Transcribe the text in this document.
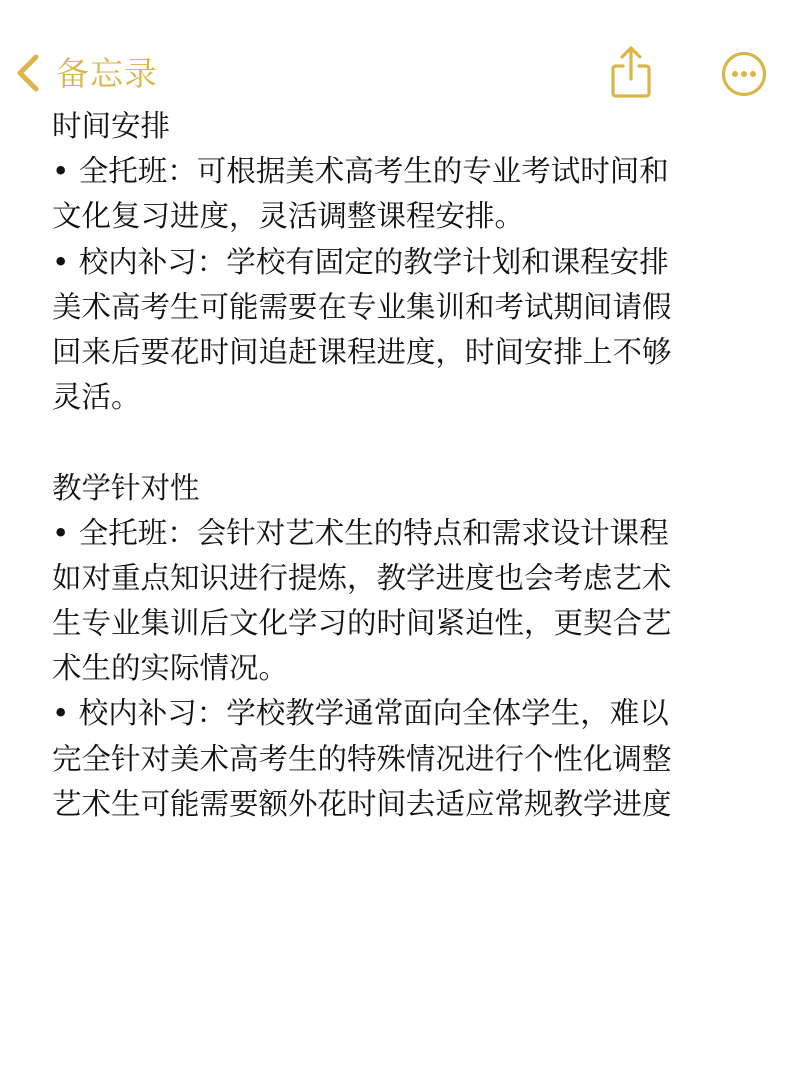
备忘录
时间安排
• 全托班：可根据美术高考生的专业考试时间和
文化复习进度，灵活调整课程安排。
• 校内补习：学校有固定的教学计划和课程安排
美术高考生可能需要在专业集训和考试期间请假
回来后要花时间追赶课程进度，时间安排上不够
灵活。
教学针对性
• 全托班：会针对艺术生的特点和需求设计课程
如对重点知识进行提炼，教学进度也会考虑艺术
生专业集训后文化学习的时间紧迫性，更契合艺
术生的实际情况。
• 校内补习：学校教学通常面向全体学生，难以
完全针对美术高考生的特殊情况进行个性化调整
艺术生可能需要额外花时间去适应常规教学进度
